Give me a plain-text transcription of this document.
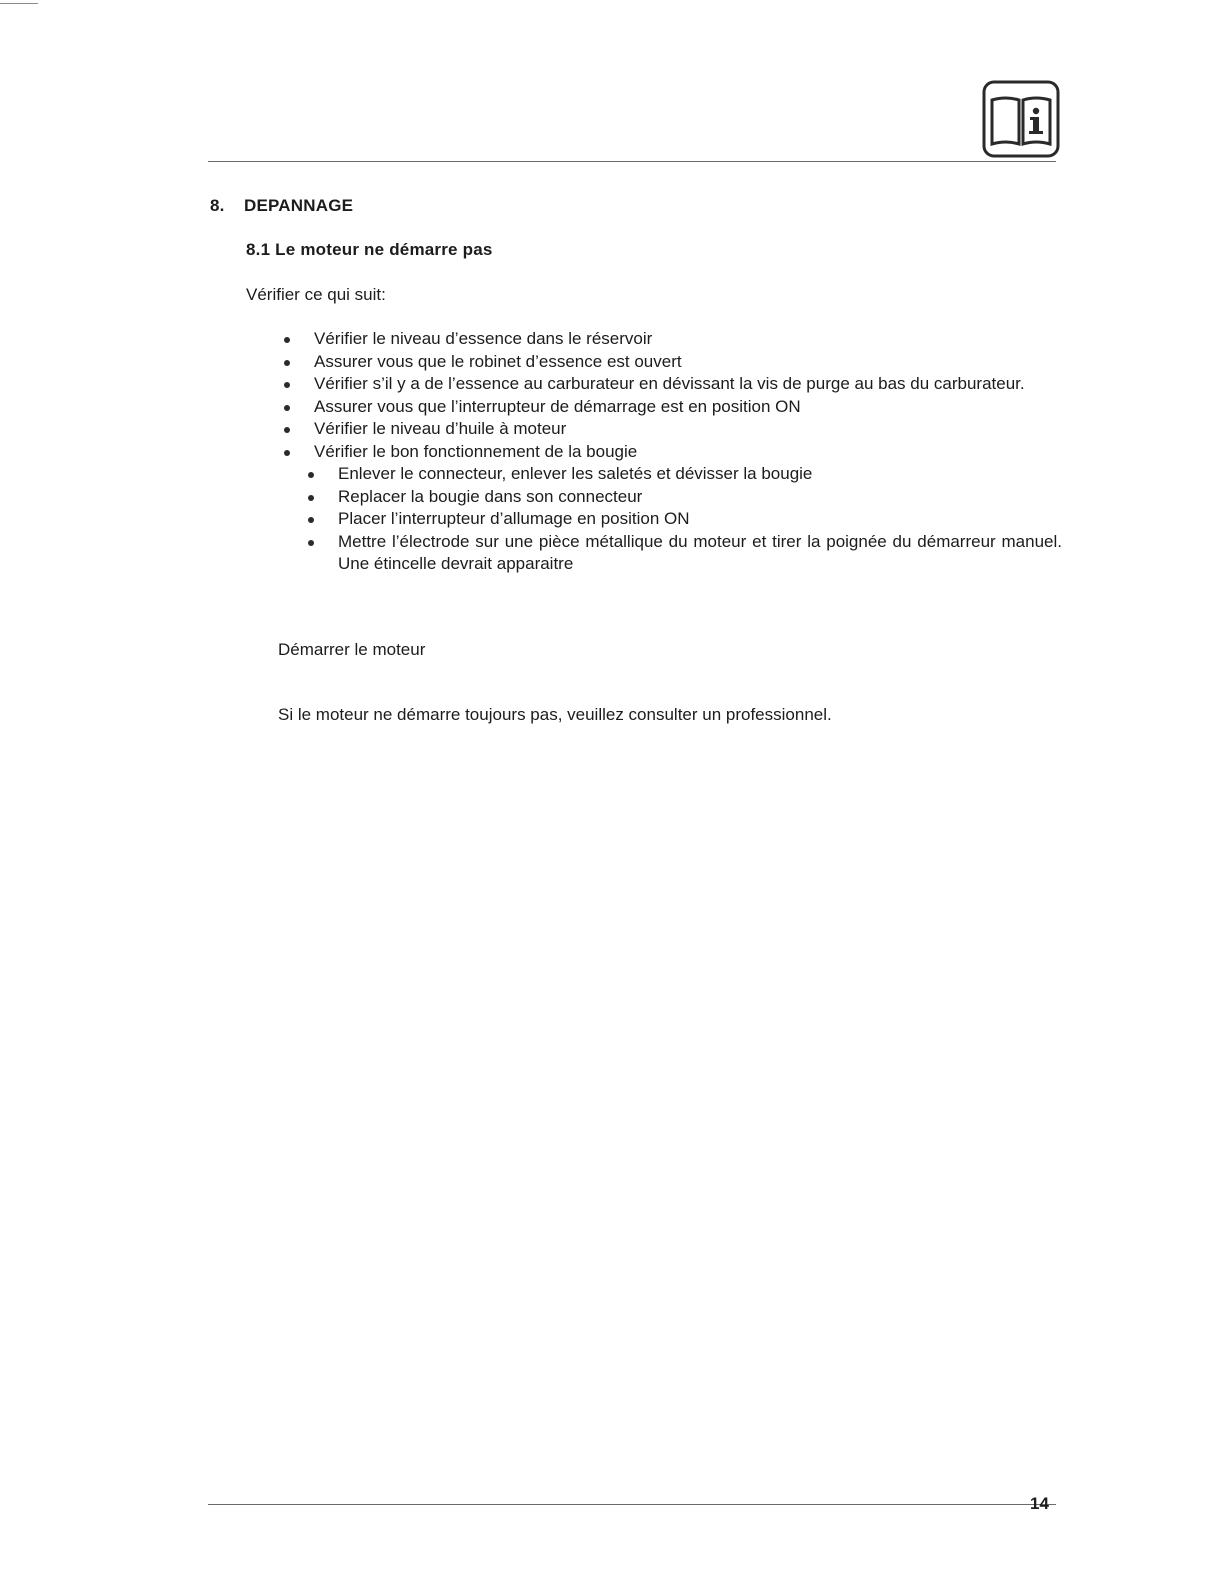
8. DEPANNAGE
8.1 Le moteur ne démarre pas
Vérifier ce qui suit:
Vérifier le niveau d’essence dans le réservoir
Assurer vous que le robinet d’essence est ouvert
Vérifier s’il y a de l’essence au carburateur en dévissant la vis de purge au bas du carburateur.
Assurer vous que l’interrupteur de démarrage est en position ON
Vérifier le niveau d’huile à moteur
Vérifier le bon fonctionnement de la bougie
Enlever le connecteur, enlever les saletés et dévisser la bougie
Replacer la bougie dans son connecteur
Placer l’interrupteur d’allumage en position ON
Mettre l’électrode sur une pièce métallique du moteur et tirer la poignée du démarreur manuel. Une étincelle devrait apparaitre
Démarrer le moteur
Si le moteur ne démarre toujours pas, veuillez consulter un professionnel.
14
